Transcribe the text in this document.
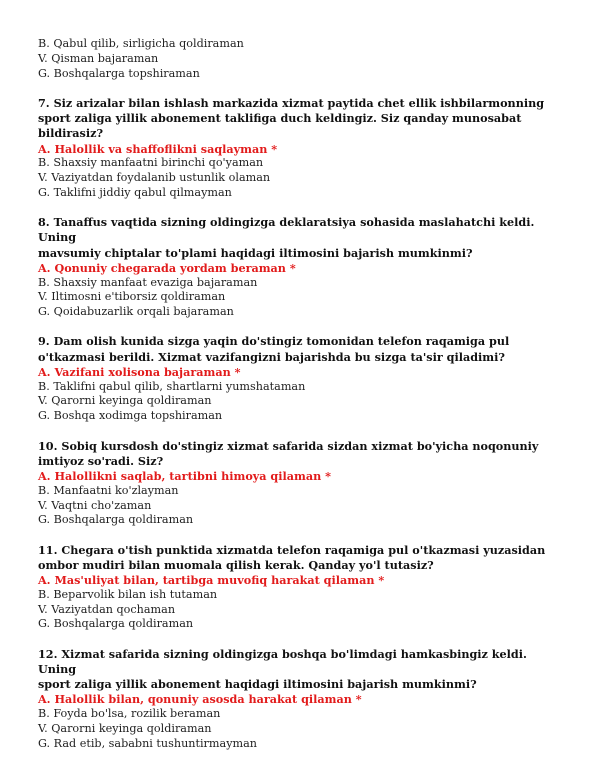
B. Qabul qilib, sirligicha qoldiraman
V. Qisman bajaraman
G. Boshqalarga topshiraman
7. Siz arizalar bilan ishlash markazida xizmat paytida chet ellik ishbilarmonning
sport zaliga yillik abonement taklifiga duch keldingiz. Siz qanday munosabat
bildirasiz?
A. Halollik va shaffoflikni saqlayman *
B. Shaxsiy manfaatni birinchi qo'yaman
V. Vaziyatdan foydalanib ustunlik olaman
G. Taklifni jiddiy qabul qilmayman
8. Tanaffus vaqtida sizning oldingizga deklaratsiya sohasida maslahatchi keldi. Uning
mavsumiy chiptalar to'plami haqidagi iltimosini bajarish mumkinmi?
A. Qonuniy chegarada yordam beraman *
B. Shaxsiy manfaat evaziga bajaraman
V. Iltimosni e'tiborsiz qoldiraman
G. Qoidabuzarlik orqali bajaraman
9. Dam olish kunida sizga yaqin do'stingiz tomonidan telefon raqamiga pul
o'tkazmasi berildi. Xizmat vazifangizni bajarishda bu sizga ta'sir qiladimi?
A. Vazifani xolisona bajaraman *
B. Taklifni qabul qilib, shartlarni yumshataman
V. Qarorni keyinga qoldiraman
G. Boshqa xodimga topshiraman
10. Sobiq kursdosh do'stingiz xizmat safarida sizdan xizmat bo'yicha noqonuniy
imtiyoz so'radi. Siz?
A. Halollikni saqlab, tartibni himoya qilaman *
B. Manfaatni ko'zlayman
V. Vaqtni cho'zaman
G. Boshqalarga qoldiraman
11. Chegara o'tish punktida xizmatda telefon raqamiga pul o'tkazmasi yuzasidan
ombor mudiri bilan muomala qilish kerak. Qanday yo'l tutasiz?
A. Mas'uliyat bilan, tartibga muvofiq harakat qilaman *
B. Beparvolik bilan ish tutaman
V. Vaziyatdan qochaman
G. Boshqalarga qoldiraman
12. Xizmat safarida sizning oldingizga boshqa bo'limdagi hamkasbingiz keldi. Uning
sport zaliga yillik abonement haqidagi iltimosini bajarish mumkinmi?
A. Halollik bilan, qonuniy asosda harakat qilaman *
B. Foyda bo'lsa, rozilik beraman
V. Qarorni keyinga qoldiraman
G. Rad etib, sababni tushuntirmayman
